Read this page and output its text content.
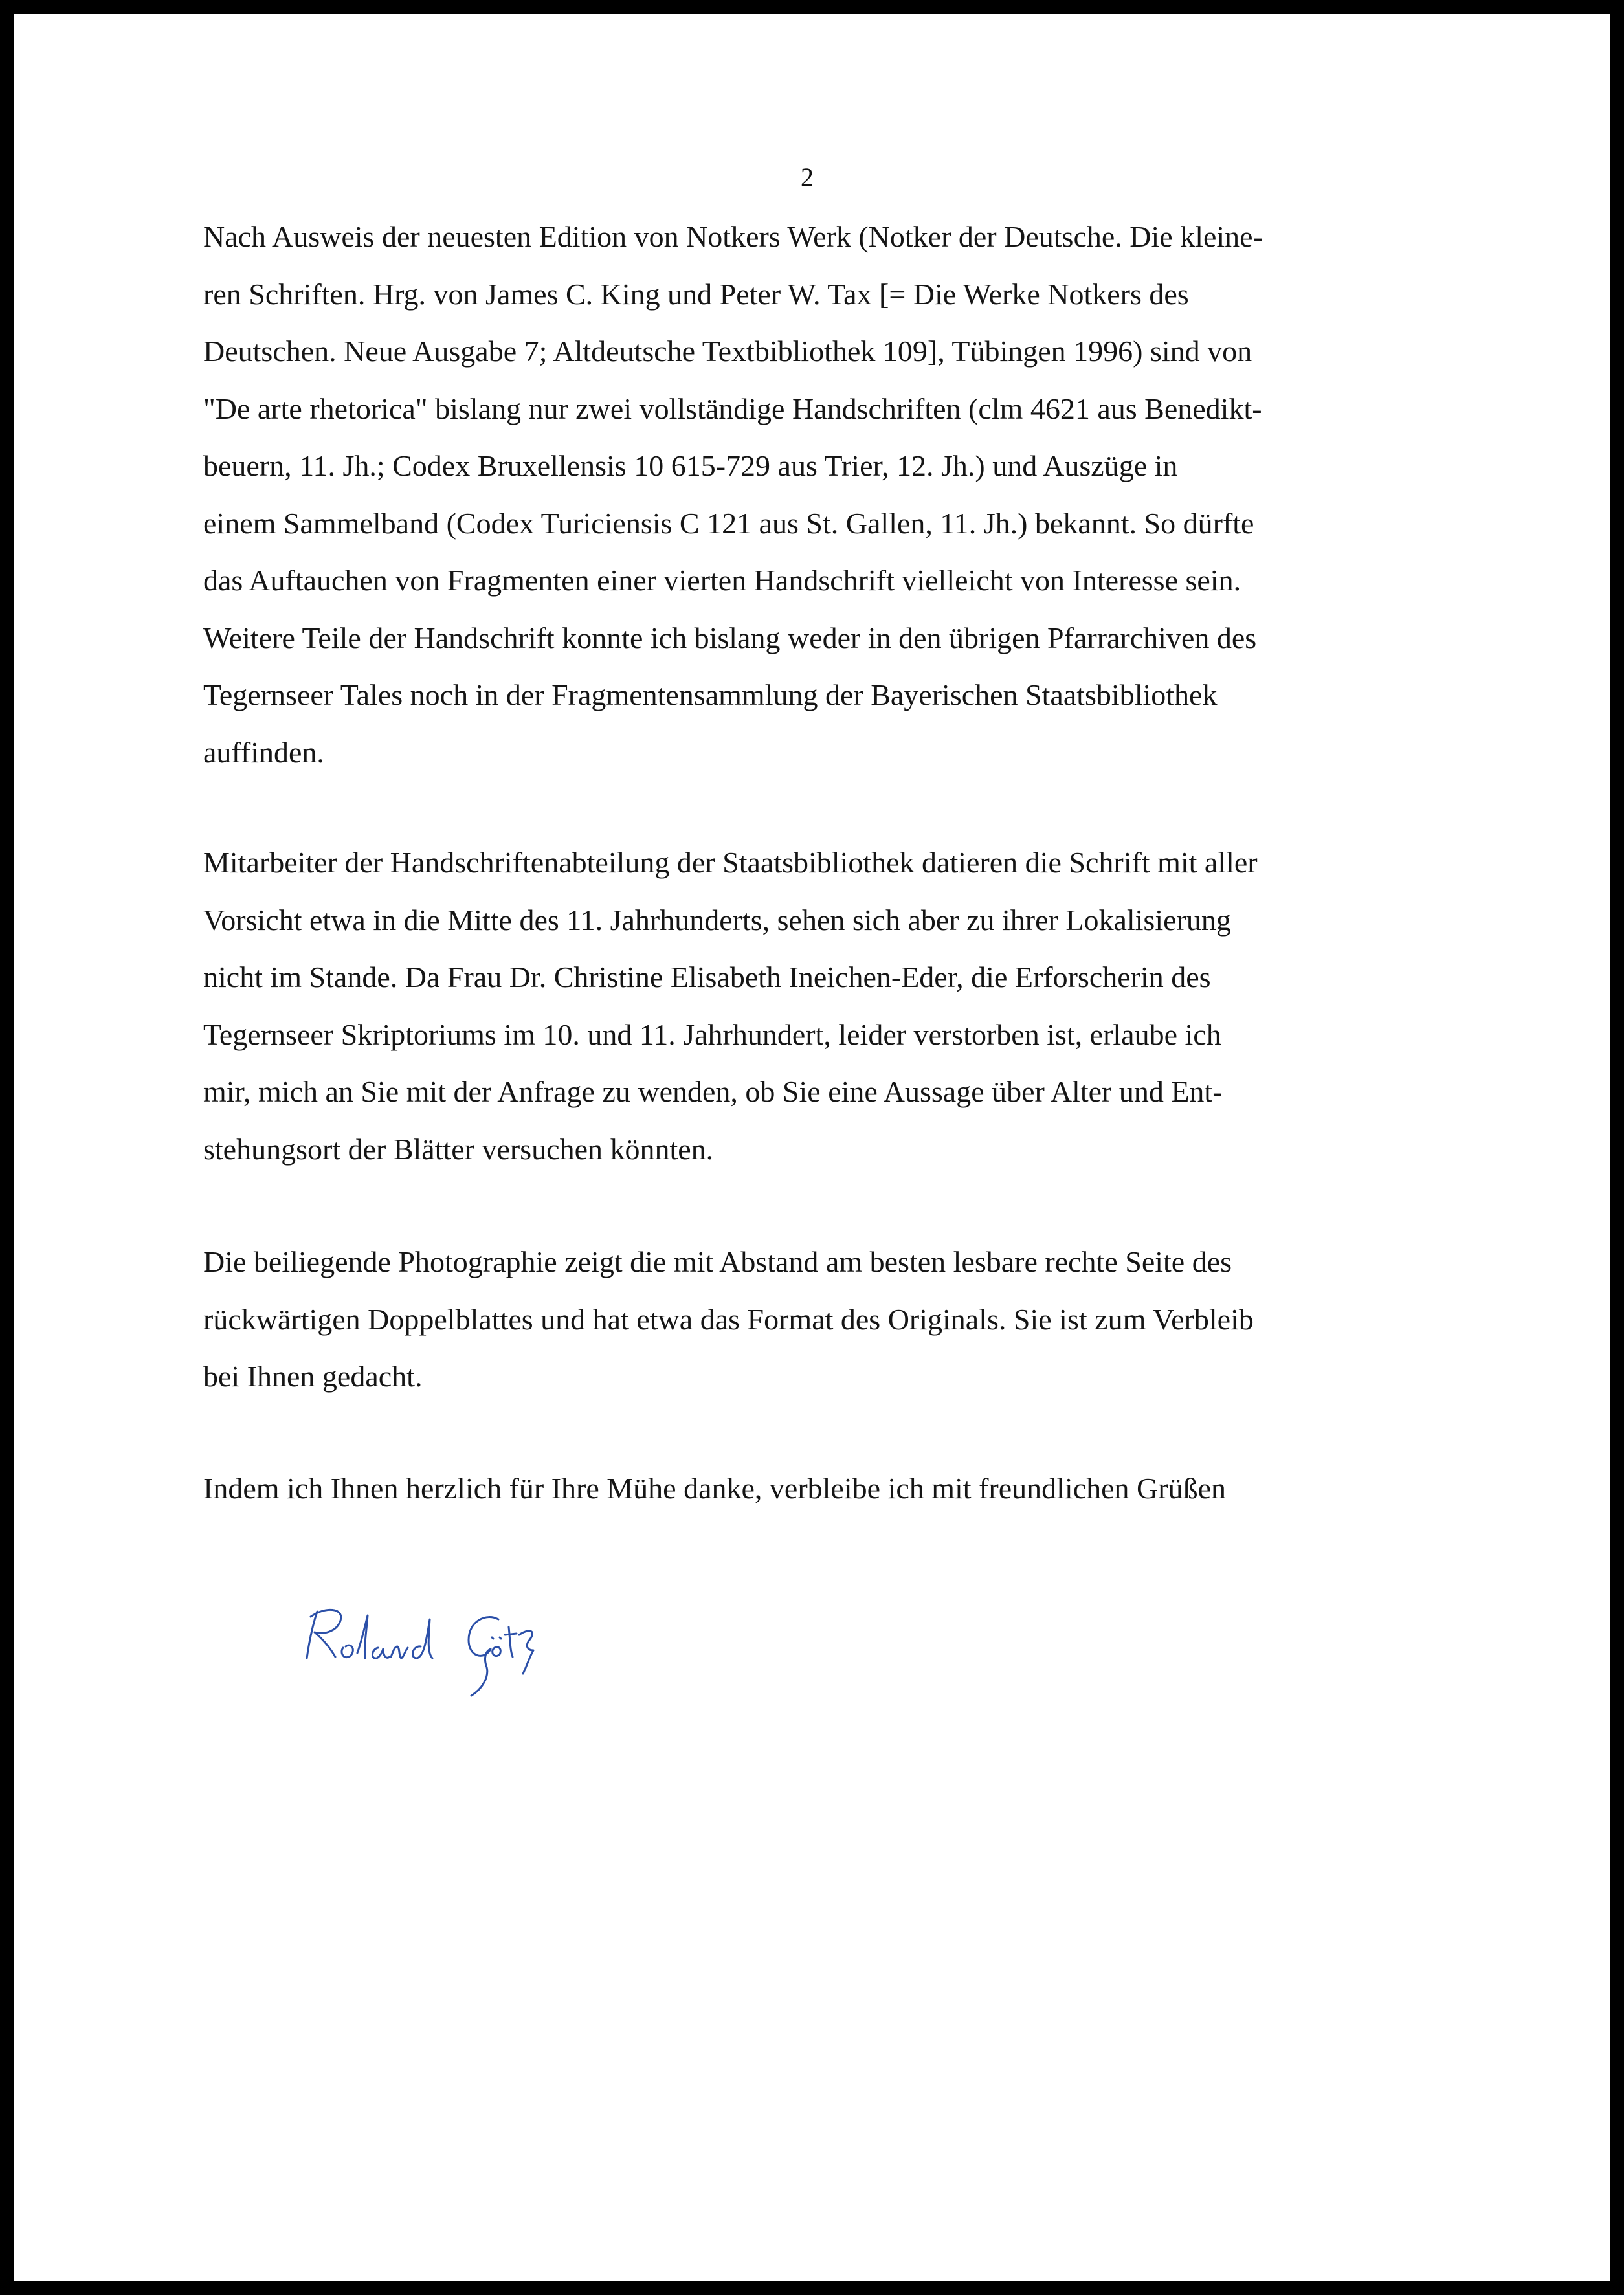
2
Nach Ausweis der neuesten Edition von Notkers Werk (Notker der Deutsche. Die kleine-
ren Schriften. Hrg. von James C. King und Peter W. Tax [= Die Werke Notkers des
Deutschen. Neue Ausgabe 7; Altdeutsche Textbibliothek 109], Tübingen 1996) sind von
"De arte rhetorica" bislang nur zwei vollständige Handschriften (clm 4621 aus Benedikt-
beuern, 11. Jh.; Codex Bruxellensis 10 615-729 aus Trier, 12. Jh.) und Auszüge in
einem Sammelband (Codex Turiciensis C 121 aus St. Gallen, 11. Jh.) bekannt. So dürfte
das Auftauchen von Fragmenten einer vierten Handschrift vielleicht von Interesse sein.
Weitere Teile der Handschrift konnte ich bislang weder in den übrigen Pfarrarchiven des
Tegernseer Tales noch in der Fragmentensammlung der Bayerischen Staatsbibliothek
auffinden.
Mitarbeiter der Handschriftenabteilung der Staatsbibliothek datieren die Schrift mit aller
Vorsicht etwa in die Mitte des 11. Jahrhunderts, sehen sich aber zu ihrer Lokalisierung
nicht im Stande. Da Frau Dr. Christine Elisabeth Ineichen-Eder, die Erforscherin des
Tegernseer Skriptoriums im 10. und 11. Jahrhundert, leider verstorben ist, erlaube ich
mir, mich an Sie mit der Anfrage zu wenden, ob Sie eine Aussage über Alter und Ent-
stehungsort der Blätter versuchen könnten.
Die beiliegende Photographie zeigt die mit Abstand am besten lesbare rechte Seite des
rückwärtigen Doppelblattes und hat etwa das Format des Originals. Sie ist zum Verbleib
bei Ihnen gedacht.
Indem ich Ihnen herzlich für Ihre Mühe danke, verbleibe ich mit freundlichen Grüßen
